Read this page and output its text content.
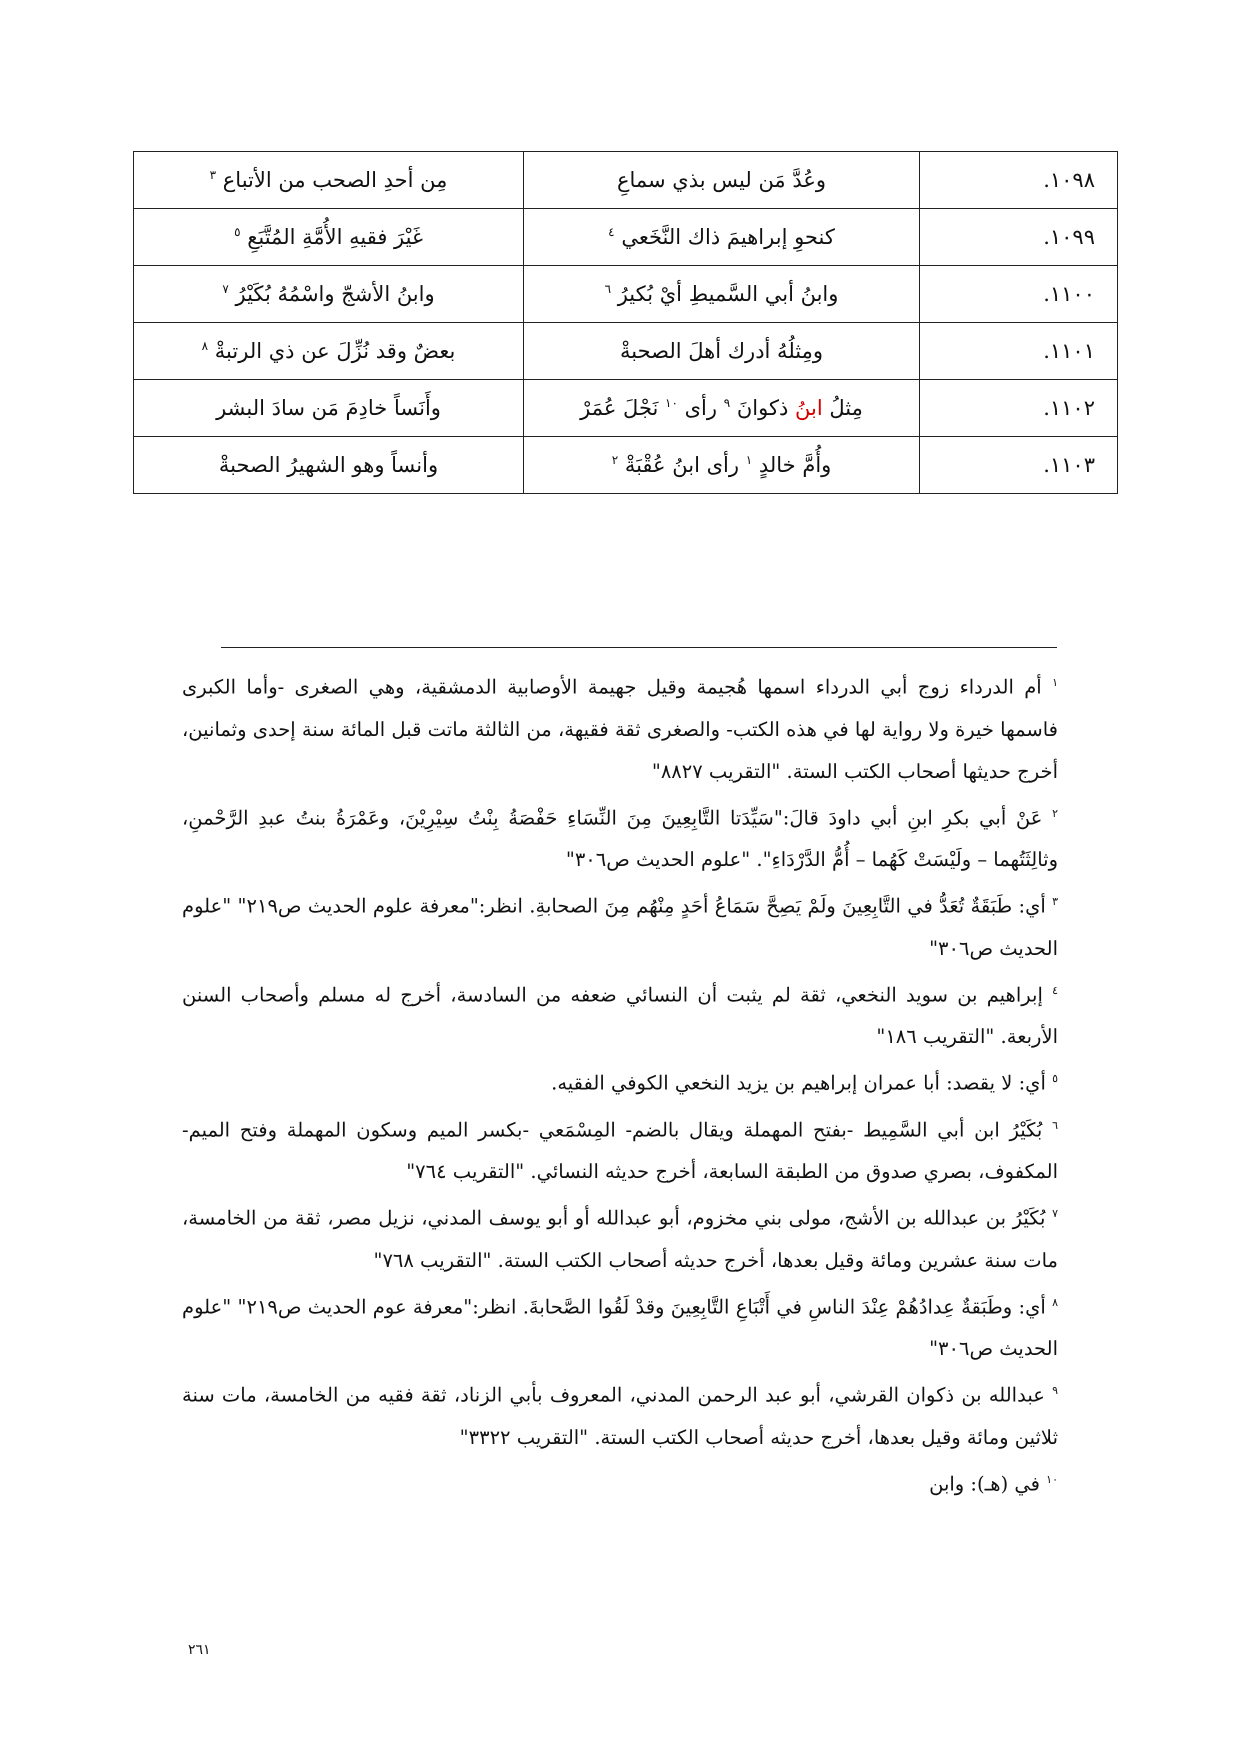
١٠٩٨.	وعُدَّ مَن ليس بذي سماعِ	مِن أحدِ الصحب من الأتباع $^٣$
١٠٩٩.	كنحوِ إبراهيمَ ذاك النَّخَعي $^٤$	غَيْرَ فقيهِ الأُمَّةِ المُتَّبَعِ $^٥$
١١٠٠.	وابنُ أبي السَّميطِ أيْ بُكيرُ $^٦$	وابنُ الأشجّ واسْمُهُ بُكَيْرُ $^٧$
١١٠١.	ومِثلُهُ أدرك أهلَ الصحبةْ	بعضٌ وقد نُزِّلَ عن ذي الرتبةْ $^٨$
١١٠٢.	مِثلُ ابنُ ذكوانَ $^٩$ رأى $^{١٠}$ نَجْلَ عُمَرْ	وأَنَساً خادِمَ مَن سادَ البشر
١١٠٣.	وأُمَّ خالدٍ $^١$ رأى ابنُ عُقْبَةْ $^٢$	وأنساً وهو الشهيرُ الصحبةْ

$^١$ أم الدرداء زوج أبي الدرداء اسمها هُجيمة وقيل جهيمة الأوصابية الدمشقية، وهي الصغرى -وأما الكبرى فاسمها خيرة ولا رواية لها في هذه الكتب- والصغرى ثقة فقيهة، من الثالثة ماتت قبل المائة سنة إحدى وثمانين، أخرج حديثها أصحاب الكتب الستة. "التقريب ٨٨٢٧"

$^٢$ عَنْ أبي بكرِ ابنِ أبي داودَ قالَ:"سَيِّدَتا التَّابِعِينَ مِنَ النِّسَاءِ حَفْصَةُ بِنْتُ سِيْرِيْنَ، وعَمْرَةُ بنتُ عبدِ الرَّحْمنِ، وثالِثَتُهما – ولَيْسَتْ كَهُما – أُمُّ الدَّرْدَاءِ". "علوم الحديث ص٣٠٦"

$^٣$ أي: طَبَقَةٌ تُعَدُّ في التَّابِعِينَ ولَمْ يَصِحَّ سَمَاعُ أحَدٍ مِنْهُم مِنَ الصحابةِ. انظر:"معرفة علوم الحديث ص٢١٩" "علوم الحديث ص٣٠٦"

$^٤$ إبراهيم بن سويد النخعي، ثقة لم يثبت أن النسائي ضعفه من السادسة، أخرج له مسلم وأصحاب السنن الأربعة. "التقريب ١٨٦"

$^٥$ أي: لا يقصد: أبا عمران إبراهيم بن يزيد النخعي الكوفي الفقيه.

$^٦$ بُكَيْرُ ابن أبي السَّمِيط -بفتح المهملة ويقال بالضم- المِسْمَعي -بكسر الميم وسكون المهملة وفتح الميم- المكفوف، بصري صدوق من الطبقة السابعة، أخرج حديثه النسائي. "التقريب ٧٦٤"

$^٧$ بُكَيْرُ بن عبدالله بن الأشج، مولى بني مخزوم، أبو عبدالله أو أبو يوسف المدني، نزيل مصر، ثقة من الخامسة، مات سنة عشرين ومائة وقيل بعدها، أخرج حديثه أصحاب الكتب الستة. "التقريب ٧٦٨"

$^٨$ أي: وطَبَقةٌ عِدادُهُمْ عِنْدَ الناسِ في أَتْبَاعِ التَّابِعِينَ وقدْ لَقُوا الصَّحابةَ. انظر:"معرفة عوم الحديث ص٢١٩" "علوم الحديث ص٣٠٦"

$^٩$ عبدالله بن ذكوان القرشي، أبو عبد الرحمن المدني، المعروف بأبي الزناد، ثقة فقيه من الخامسة، مات سنة ثلاثين ومائة وقيل بعدها، أخرج حديثه أصحاب الكتب الستة. "التقريب ٣٣٢٢"

$^{١٠}$ في (هـ): وابن

٢٦١
